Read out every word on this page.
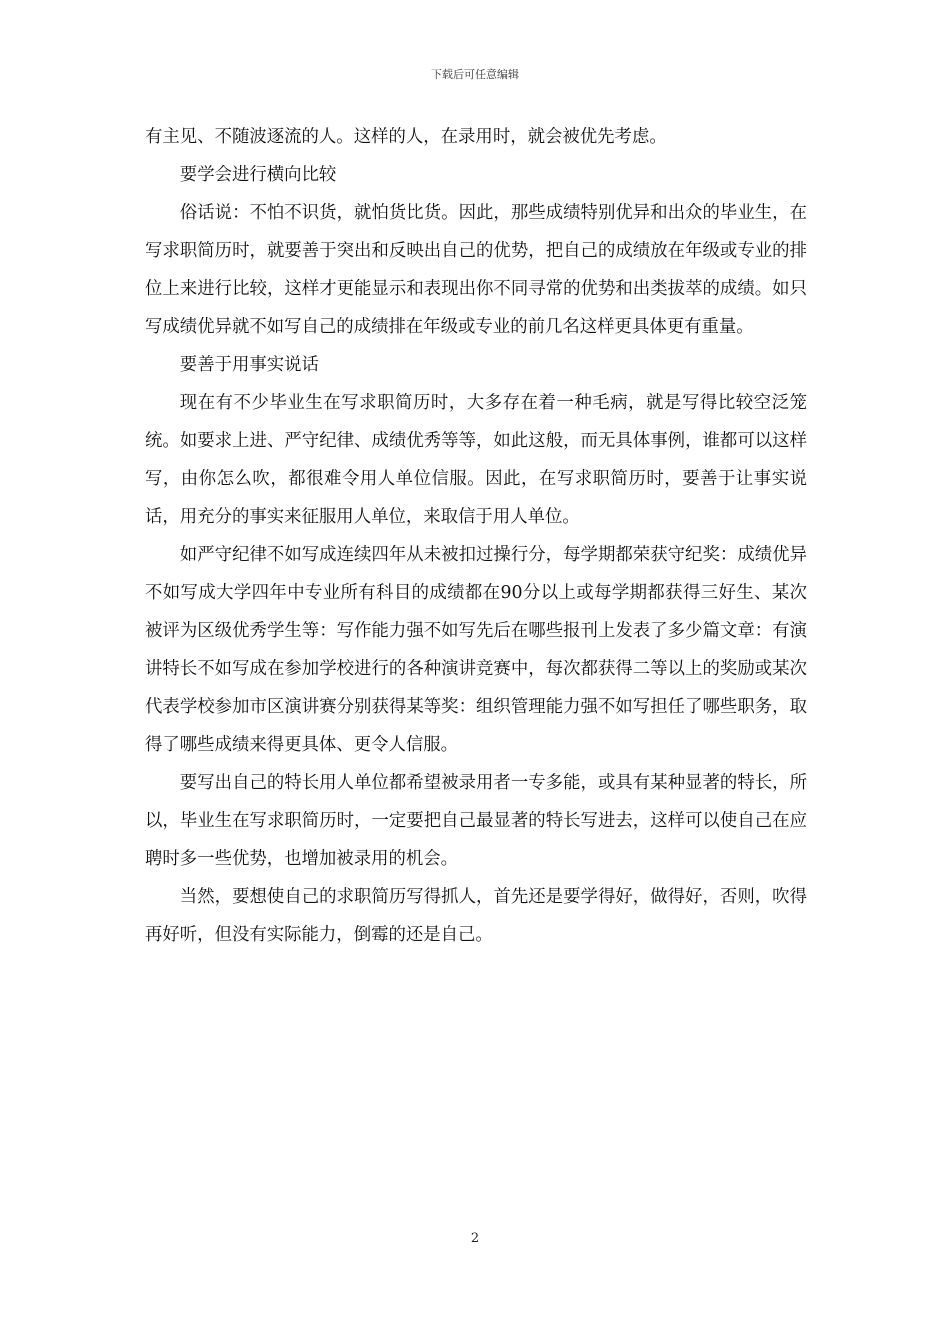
下载后可任意编辑

有主见、不随波逐流的人。这样的人，在录用时，就会被优先考虑。

要学会进行横向比较

俗话说：不怕不识货，就怕货比货。因此，那些成绩特别优异和出众的毕业生，在写求职简历时，就要善于突出和反映出自己的优势，把自己的成绩放在年级或专业的排位上来进行比较，这样才更能显示和表现出你不同寻常的优势和出类拔萃的成绩。如只写成绩优异就不如写自己的成绩排在年级或专业的前几名这样更具体更有重量。

要善于用事实说话

现在有不少毕业生在写求职简历时，大多存在着一种毛病，就是写得比较空泛笼统。如要求上进、严守纪律、成绩优秀等等，如此这般，而无具体事例，谁都可以这样写，由你怎么吹，都很难令用人单位信服。因此，在写求职简历时，要善于让事实说话，用充分的事实来征服用人单位，来取信于用人单位。

如严守纪律不如写成连续四年从未被扣过操行分，每学期都荣获守纪奖：成绩优异不如写成大学四年中专业所有科目的成绩都在90分以上或每学期都获得三好生、某次被评为区级优秀学生等：写作能力强不如写先后在哪些报刊上发表了多少篇文章：有演讲特长不如写成在参加学校进行的各种演讲竞赛中，每次都获得二等以上的奖励或某次代表学校参加市区演讲赛分别获得某等奖：组织管理能力强不如写担任了哪些职务，取得了哪些成绩来得更具体、更令人信服。

要写出自己的特长用人单位都希望被录用者一专多能，或具有某种显著的特长，所以，毕业生在写求职简历时，一定要把自己最显著的特长写进去，这样可以使自己在应聘时多一些优势，也增加被录用的机会。

当然，要想使自己的求职简历写得抓人，首先还是要学得好，做得好，否则，吹得再好听，但没有实际能力，倒霉的还是自己。

2
